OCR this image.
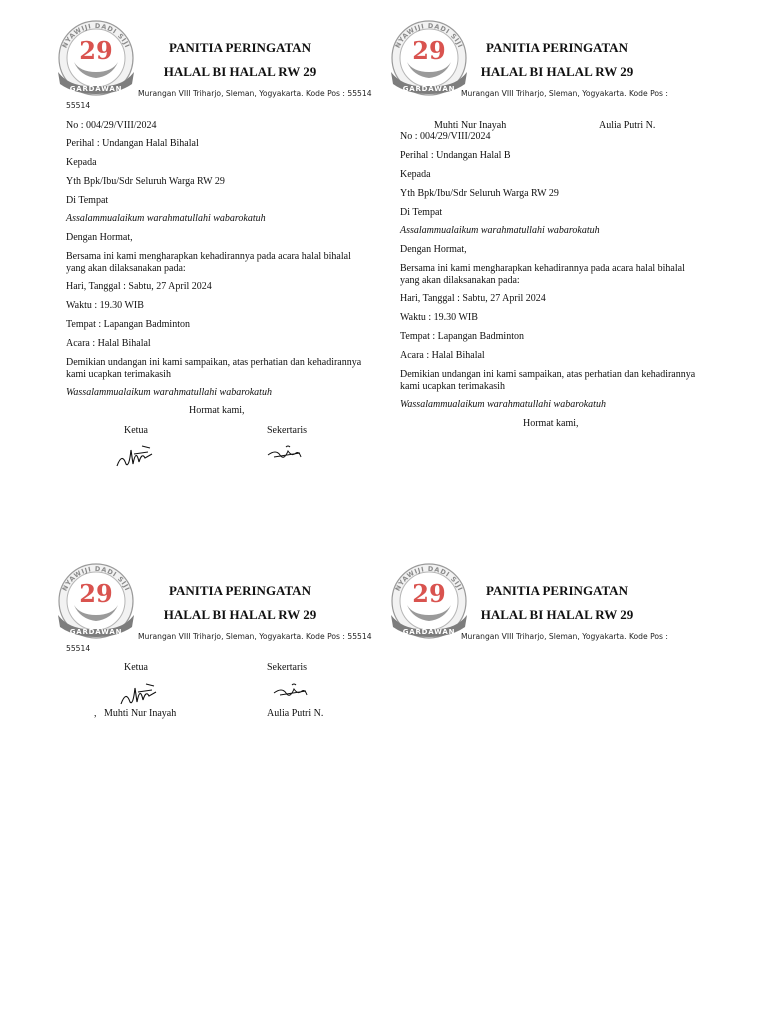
PANITIA PERINGATAN
HALAL BI HALAL RW 29
Murangan VIII Triharjo, Sleman, Yogyakarta. Kode Pos : 55514
55514
No : 004/29/VIII/2024
Perihal : Undangan Halal Bihalal
Kepada
Yth Bpk/Ibu/Sdr Seluruh Warga RW 29
Di Tempat
Assalammualaikum warahmatullahi wabarokatuh
Dengan Hormat,
Bersama ini kami mengharapkan kehadirannya pada acara halal bihalal yang akan dilaksanakan pada:
Hari, Tanggal : Sabtu, 27 April 2024
Waktu : 19.30 WIB
Tempat : Lapangan Badminton
Acara : Halal Bihalal
Demikian undangan ini kami sampaikan, atas perhatian dan kehadirannya kami ucapkan terimakasih
Wassalammualaikum warahmatullahi wabarokatuh
Hormat kami,
Ketua	Sekertaris
PANITIA PERINGATAN
HALAL BI HALAL RW 29
Murangan VIII Triharjo, Sleman, Yogyakarta. Kode Pos :
Muhti Nur Inayah	Aulia Putri N.
No : 004/29/VIII/2024
Perihal : Undangan Halal B
Kepada
Yth Bpk/Ibu/Sdr Seluruh Warga RW 29
Di Tempat
Assalammualaikum warahmatullahi wabarokatuh
Dengan Hormat,
Bersama ini kami mengharapkan kehadirannya pada acara halal bihalal yang akan dilaksanakan pada:
Hari, Tanggal : Sabtu, 27 April 2024
Waktu : 19.30 WIB
Tempat : Lapangan Badminton
Acara : Halal Bihalal
Demikian undangan ini kami sampaikan, atas perhatian dan kehadirannya kami ucapkan terimakasih
Wassalammualaikum warahmatullahi wabarokatuh
Hormat kami,
PANITIA PERINGATAN
HALAL BI HALAL RW 29
Murangan VIII Triharjo, Sleman, Yogyakarta. Kode Pos : 55514
55514
Ketua	Sekertaris
,   Muhti Nur Inayah	Aulia Putri N.
PANITIA PERINGATAN
HALAL BI HALAL RW 29
Murangan VIII Triharjo, Sleman, Yogyakarta. Kode Pos :
